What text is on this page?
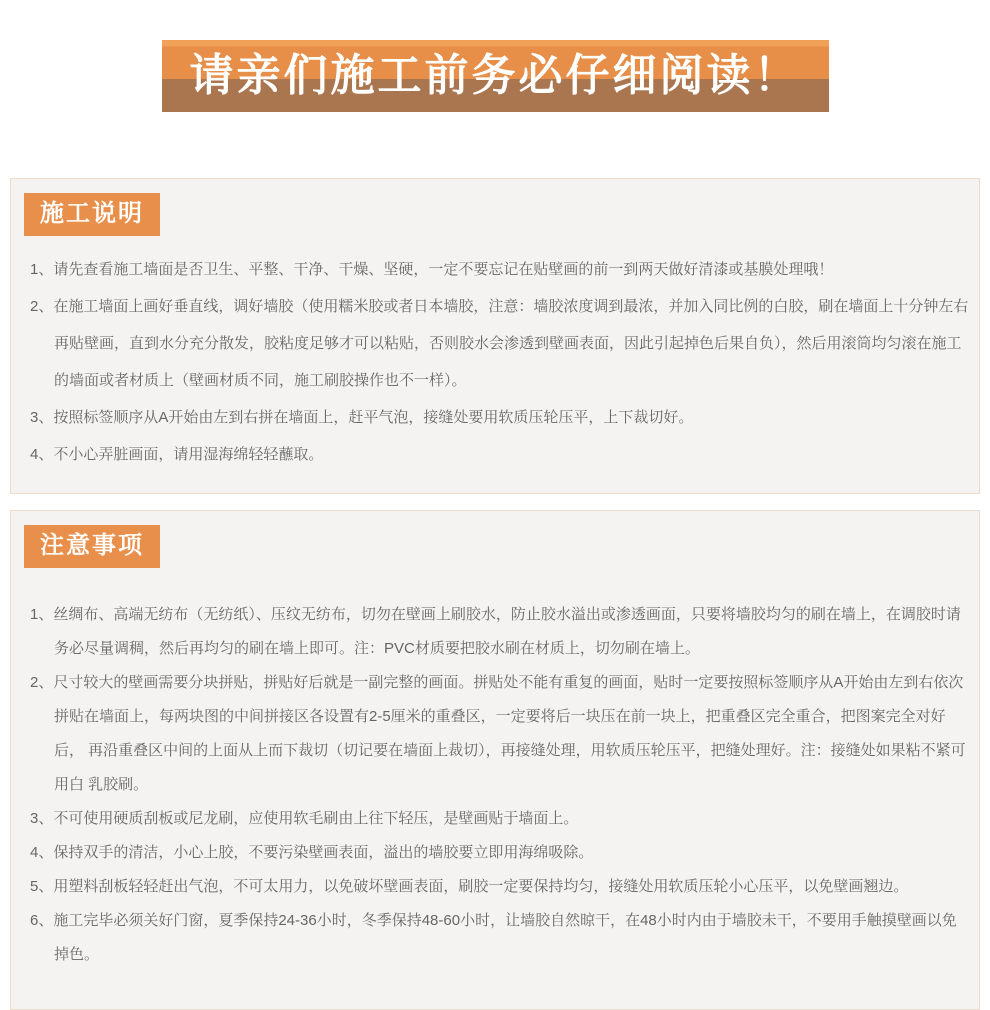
请亲们施工前务必仔细阅读！
施工说明
1、请先查看施工墙面是否卫生、平整、干净、干燥、坚硬，一定不要忘记在贴壁画的前一到两天做好清漆或基膜处理哦！
2、在施工墙面上画好垂直线，调好墙胶（使用糯米胶或者日本墙胶，注意：墙胶浓度调到最浓，并加入同比例的白胶，刷在墙面上十分钟左右 再贴壁画，直到水分充分散发，胶粘度足够才可以粘贴，否则胶水会渗透到壁画表面，因此引起掉色后果自负），然后用滚筒均匀滚在施工 的墙面或者材质上（壁画材质不同，施工刷胶操作也不一样）。
3、按照标签顺序从A开始由左到右拼在墙面上，赶平气泡，接缝处要用软质压轮压平，上下裁切好。
4、不小心弄脏画面，请用湿海绵轻轻蘸取。
注意事项
1、丝绸布、高端无纺布（无纺纸）、压纹无纺布，切勿在壁画上刷胶水，防止胶水溢出或渗透画面，只要将墙胶均匀的刷在墙上，在调胶时请 务必尽量调稠，然后再均匀的刷在墙上即可。注：PVC材质要把胶水刷在材质上，切勿刷在墙上。
2、尺寸较大的壁画需要分块拼贴，拼贴好后就是一副完整的画面。拼贴处不能有重复的画面，贴时一定要按照标签顺序从A开始由左到右依次 拼贴在墙面上，每两块图的中间拼接区各设置有2-5厘米的重叠区，一定要将后一块压在前一块上，把重叠区完全重合，把图案完全对好后， 再沿重叠区中间的上面从上而下裁切（切记要在墙面上裁切），再接缝处理，用软质压轮压平，把缝处理好。注：接缝处如果粘不紧可用白 乳胶刷。
3、不可使用硬质刮板或尼龙刷，应使用软毛刷由上往下轻压，是壁画贴于墙面上。
4、保持双手的清洁，小心上胶，不要污染壁画表面，溢出的墙胶要立即用海绵吸除。
5、用塑料刮板轻轻赶出气泡，不可太用力，以免破坏壁画表面，刷胶一定要保持均匀，接缝处用软质压轮小心压平，以免壁画翘边。
6、施工完毕必须关好门窗，夏季保持24-36小时，冬季保持48-60小时，让墙胶自然晾干，在48小时内由于墙胶未干，不要用手触摸壁画以免 掉色。
